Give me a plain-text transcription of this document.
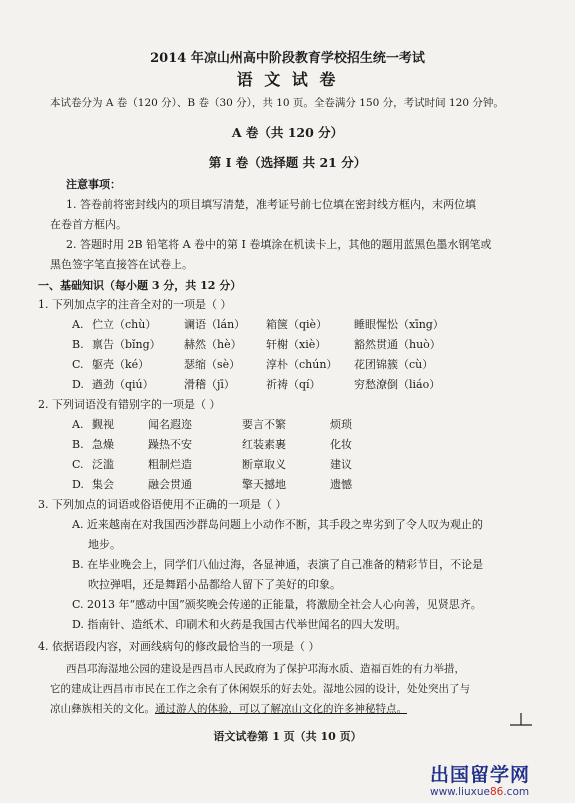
2014 年凉山州高中阶段教育学校招生统一考试
语 文 试 卷
本试卷分为 A 卷（120 分）、B 卷（30 分），共 10 页。全卷满分 150 分，考试时间 120 分钟。
A 卷（共 120 分）
第 I 卷（选择题 共 21 分）
注意事项：
1. 答卷前将密封线内的项目填写清楚，准考证号前七位填在密封线方框内，末两位填
在卷首方框内。
2. 答题时用 2B 铅笔将 A 卷中的第 I 卷填涂在机读卡上，其他的题用蓝黑色墨水钢笔或
黑色签字笔直接答在试卷上。
一、基础知识（每小题 3 分，共 12 分）
1. 下列加点字的注音全对的一项是（ ）
A. 伫立（chù）	谰语（lán） 箱箧（qiè） 睡眼惺忪（xīng）
B. 禀告（bǐng） 赫然（hè） 轩榭（xiè）	豁然贯通（huò）
C. 躯壳（ké）	瑟缩（sè） 淳朴（chún） 花团锦簇（cù）
D. 遒劲（qiú）	滑稽（jī）	祈祷（qí）	穷愁潦倒（liáo）
2. 下列词语没有错别字的一项是（ ）
A. 觐视	闻名遐迩	要言不繁	烦琐
B. 急燥	躁热不安	红装素裹	化妆
C. 泛滥	粗制烂造	断章取义	建议
D. 集会	融会贯通	擎天撼地	遗憾
3. 下列加点的词语或俗语使用不正确的一项是（ ）
A. 近来越南在对我国西沙群岛问题上小动作不断，其手段之卑劣到了令人叹为观止的
地步。
B. 在毕业晚会上，同学们八仙过海，各显神通，表演了自己准备的精彩节目，不论是
吹拉弹唱，还是舞蹈小品都给人留下了美好的印象。
C. 2013 年“感动中国”颁奖晚会传递的正能量，将激励全社会人心向善，见贤思齐。
D. 指南针、造纸术、印刷术和火药是我国古代举世闻名的四大发明。
4. 依据语段内容，对画线病句的修改最恰当的一项是（ ）
西昌邛海湿地公园的建设是西昌市人民政府为了保护邛海水质、造福百姓的有力举措，
它的建成让西昌市市民在工作之余有了休闲娱乐的好去处。湿地公园的设计，处处突出了与
凉山彝族相关的文化。通过游人的体验，可以了解凉山文化的许多神秘特点。
语文试卷第 1 页（共 10 页）
出国留学网
www.liuxue86.com
